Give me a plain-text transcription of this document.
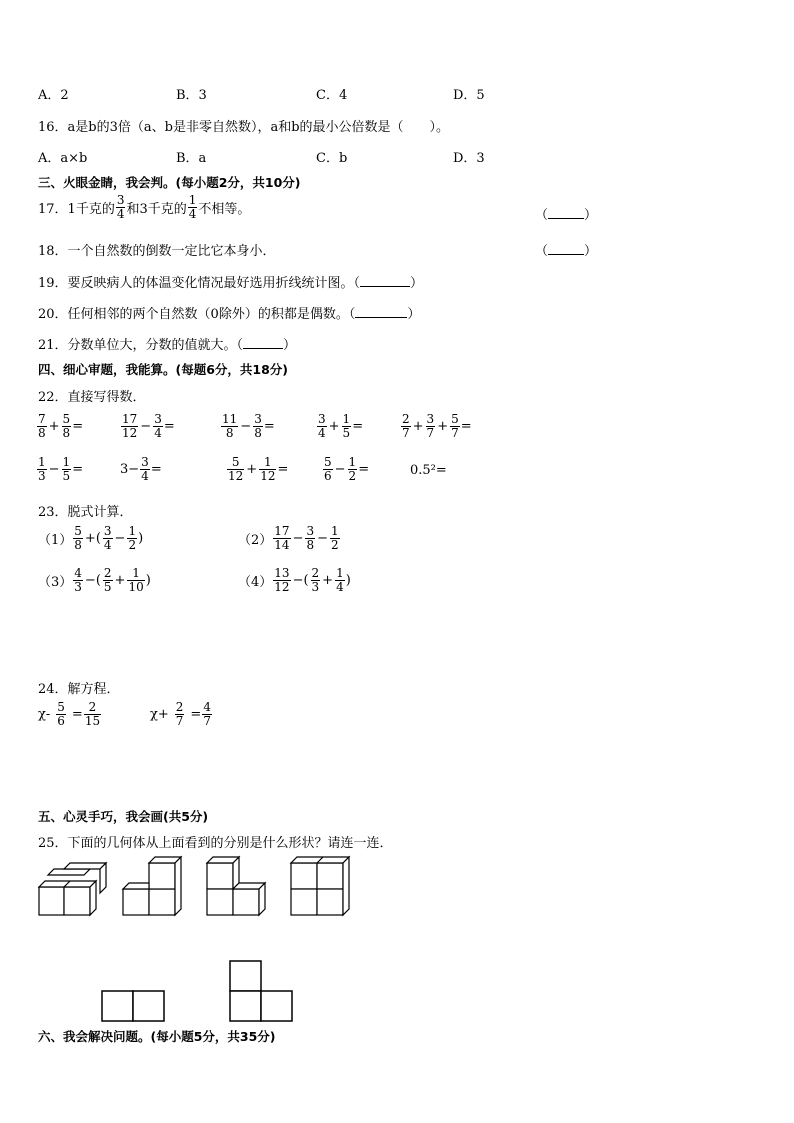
A．2	B．3	C．4	D．5
16．a是b的3倍（a、b是非零自然数），a和b的最小公倍数是（　　）。
A．a×b	B．a	C．b	D．3
三、火眼金睛，我会判。(每小题2分，共10分)
17．1千克的 $\frac{3}{4}$ 和3千克的 $\frac{1}{4}$ 不相等。	（	）
18．一个自然数的倒数一定比它本身小．	（	）
19．要反映病人的体温变化情况最好选用折线统计图。（	）
20．任何相邻的两个自然数（0除外）的积都是偶数。（	）
21．分数单位大，分数的值就大。（	）
四、细心审题，我能算。(每题6分，共18分)
22．直接写得数．
$\frac{7}{8} + \frac{5}{8}$ =	$\frac{17}{12} - \frac{3}{4}$ =	$\frac{11}{8} - \frac{3}{8}$ =	$\frac{3}{4} + \frac{1}{5}$ =	$\frac{2}{7} + \frac{3}{7} + \frac{5}{7}$ =
$\frac{1}{3} - \frac{1}{5}$ =	$3- \frac{3}{4}$ =	$\frac{5}{12} + \frac{1}{12}$ =	$\frac{5}{6} - \frac{1}{2}$ =	0.5²=
23．脱式计算．
$(1) \frac{5}{8}$ +( $\frac{3}{4} - \frac{1}{2}$ )	$(2) \frac{17}{14} - \frac{3}{8} - \frac{1}{2}$
$(3) \frac{4}{3}$ −( $\frac{2}{5} + \frac{1}{10}$ )	$(4) \frac{13}{12}$ −( $\frac{2}{3} + \frac{1}{4}$ )
24．解方程．
$\chi- \frac{5}{6} = \frac{2}{15}$	$\chi+ \frac{2}{7} = \frac{4}{7}$
五、心灵手巧，我会画(共5分)
25．下面的几何体从上面看到的分别是什么形状？请连一连．
六、我会解决问题。(每小题5分，共35分)
